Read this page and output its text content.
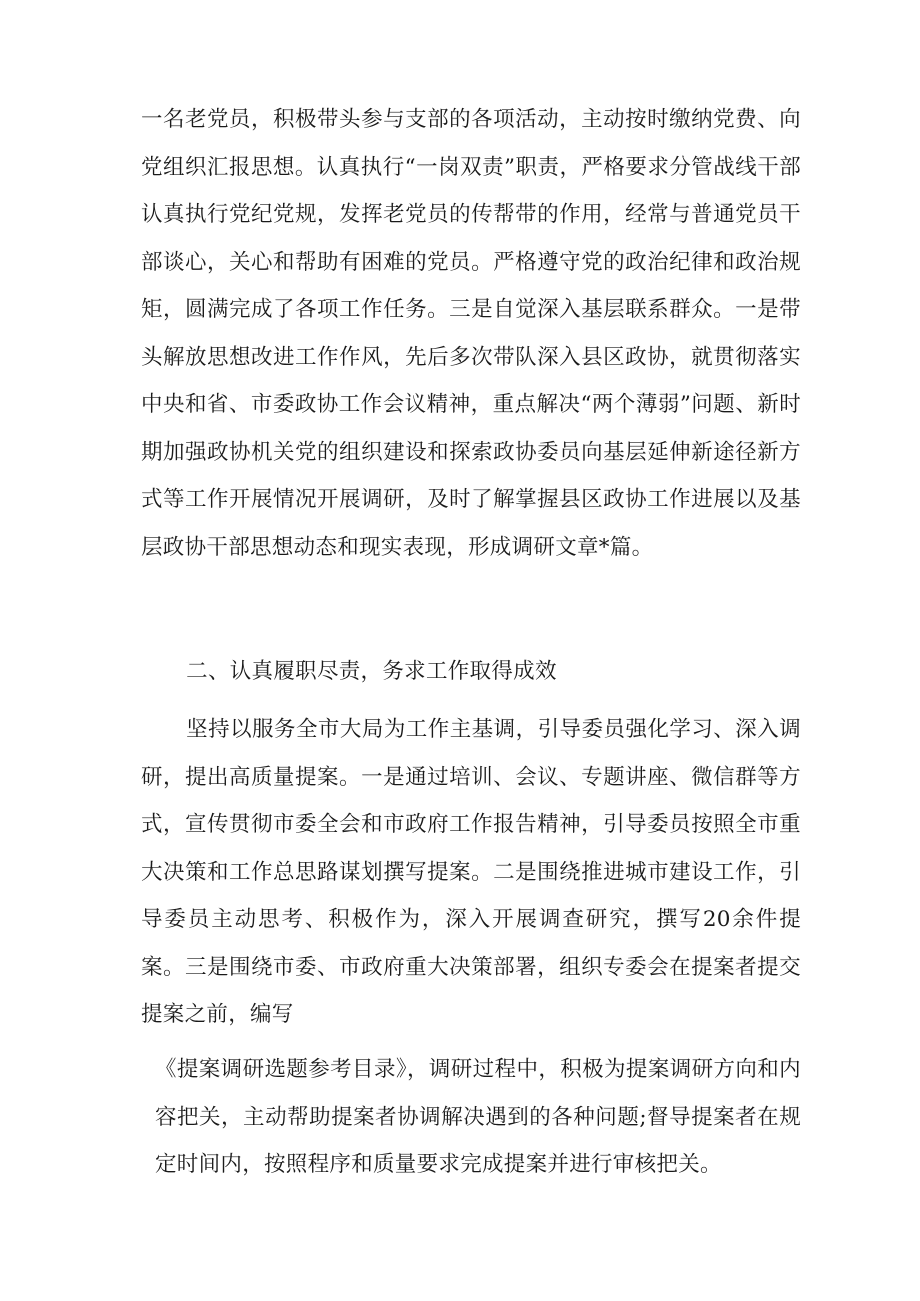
一名老党员，积极带头参与支部的各项活动，主动按时缴纳党费、向党组织汇报思想。认真执行“一岗双责”职责，严格要求分管战线干部认真执行党纪党规，发挥老党员的传帮带的作用，经常与普通党员干部谈心，关心和帮助有困难的党员。严格遵守党的政治纪律和政治规矩，圆满完成了各项工作任务。三是自觉深入基层联系群众。一是带头解放思想改进工作作风，先后多次带队深入县区政协，就贯彻落实中央和省、市委政协工作会议精神，重点解决“两个薄弱”问题、新时期加强政协机关党的组织建设和探索政协委员向基层延伸新途径新方式等工作开展情况开展调研，及时了解掌握县区政协工作进展以及基层政协干部思想动态和现实表现，形成调研文章*篇。

二、认真履职尽责，务求工作取得成效

坚持以服务全市大局为工作主基调，引导委员强化学习、深入调研，提出高质量提案。一是通过培训、会议、专题讲座、微信群等方式，宣传贯彻市委全会和市政府工作报告精神，引导委员按照全市重大决策和工作总思路谋划撰写提案。二是围绕推进城市建设工作，引导委员主动思考、积极作为，深入开展调查研究，撰写20余件提案。三是围绕市委、市政府重大决策部署，组织专委会在提案者提交提案之前，编写

《提案调研选题参考目录》，调研过程中，积极为提案调研方向和内容把关，主动帮助提案者协调解决遇到的各种问题;督导提案者在规定时间内，按照程序和质量要求完成提案并进行审核把关。
